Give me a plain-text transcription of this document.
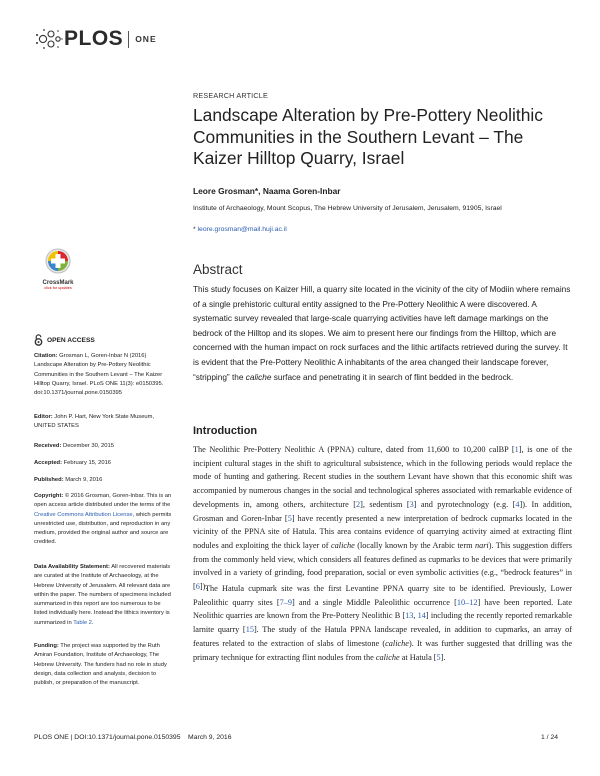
PLOS ONE
RESEARCH ARTICLE
Landscape Alteration by Pre-Pottery Neolithic Communities in the Southern Levant – The Kaizer Hilltop Quarry, Israel
Leore Grosman*, Naama Goren-Inbar
Institute of Archaeology, Mount Scopus, The Hebrew University of Jerusalem, Jerusalem, 91905, Israel
* leore.grosman@mail.huji.ac.il
CrossMark
click for updates
Abstract
This study focuses on Kaizer Hill, a quarry site located in the vicinity of the city of Modiin where remains of a single prehistoric cultural entity assigned to the Pre-Pottery Neolithic A were discovered. A systematic survey revealed that large-scale quarrying activities have left damage markings on the bedrock of the Hilltop and its slopes. We aim to present here our findings from the Hilltop, which are concerned with the human impact on rock surfaces and the lithic artifacts retrieved during the survey. It is evident that the Pre-Pottery Neolithic A inhabitants of the area changed their landscape forever, “stripping” the caliche surface and penetrating it in search of flint bedded in the bedrock.
Introduction
The Neolithic Pre-Pottery Neolithic A (PPNA) culture, dated from 11,600 to 10,200 calBP [1], is one of the incipient cultural stages in the shift to agricultural subsistence, which in the following periods would replace the mode of hunting and gathering. Recent studies in the southern Levant have shown that this economic shift was accompanied by numerous changes in the social and technological spheres associated with remarkable evidence of developments in, among others, architecture [2], sedentism [3] and pyrotechnology (e.g. [4]). In addition, Grosman and Goren-Inbar [5] have recently presented a new interpretation of bedrock cupmarks located in the vicinity of the PPNA site of Hatula. This area contains evidence of quarrying activity aimed at extracting flint nodules and exploiting the thick layer of caliche (locally known by the Arabic term nari). This suggestion differs from the commonly held view, which considers all features defined as cupmarks to be devices that were primarily involved in a variety of grinding, food preparation, social or even symbolic activities (e.g., “bedrock features” in [6]).
The Hatula cupmark site was the first Levantine PPNA quarry site to be identified. Previously, Lower Paleolithic quarry sites [7–9] and a single Middle Paleolithic occurrence [10–12] have been reported. Late Neolithic quarries are known from the Pre-Pottery Neolithic B [13, 14] including the recently reported remarkable larnite quarry [15]. The study of the Hatula PPNA landscape revealed, in addition to cupmarks, an array of features related to the extraction of slabs of limestone (caliche). It was further suggested that drilling was the primary technique for extracting flint nodules from the caliche at Hatula [5].
OPEN ACCESS
Citation: Grosman L, Goren-Inbar N (2016) Landscape Alteration by Pre-Pottery Neolithic Communities in the Southern Levant – The Kaizer Hilltop Quarry, Israel. PLoS ONE 11(3): e0150395. doi:10.1371/journal.pone.0150395
Editor: John P. Hart, New York State Museum, UNITED STATES
Received: December 30, 2015
Accepted: February 15, 2016
Published: March 9, 2016
Copyright: © 2016 Grosman, Goren-Inbar. This is an open access article distributed under the terms of the Creative Commons Attribution License, which permits unrestricted use, distribution, and reproduction in any medium, provided the original author and source are credited.
Data Availability Statement: All recovered materials are curated at the Institute of Archaeology, at the Hebrew University of Jerusalem. All relevant data are within the paper. The numbers of specimens included summarized in this report are too numerous to be listed individually here. Instead the lithics inventory is summarized in Table 2.
Funding: The project was supported by the Ruth Amiran Foundation, Institute of Archaeology, The Hebrew University. The funders had no role in study design, data collection and analysis, decision to publish, or preparation of the manuscript.
PLOS ONE | DOI:10.1371/journal.pone.0150395    March 9, 2016	1 / 24
